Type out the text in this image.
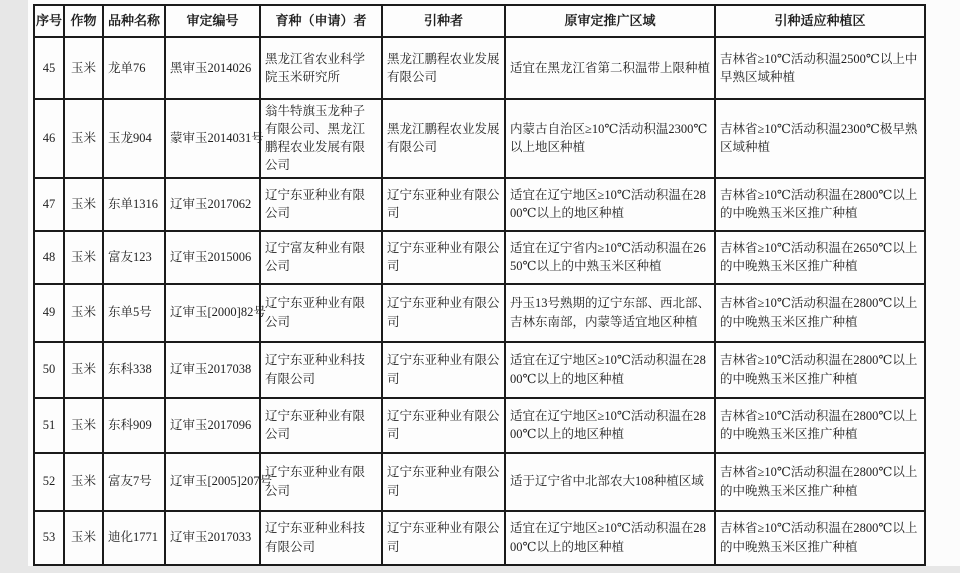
序号	作物	品种名称	审定编号	育种（申请）者	引种者	原审定推广区域	引种适应种植区
45	玉米	龙单76	黑审玉2014026	黑龙江省农业科学院玉米研究所	黑龙江鹏程农业发展有限公司	适宜在黑龙江省第二积温带上限种植	吉林省≥10℃活动积温2500℃以上中早熟区域种植
46	玉米	玉龙904	蒙审玉2014031号	翁牛特旗玉龙种子有限公司、黑龙江鹏程农业发展有限公司	黑龙江鹏程农业发展有限公司	内蒙古自治区≥10℃活动积温2300℃以上地区种植	吉林省≥10℃活动积温2300℃极早熟区域种植
47	玉米	东单1316	辽审玉2017062	辽宁东亚种业有限公司	辽宁东亚种业有限公司	适宜在辽宁地区≥10℃活动积温在2800℃以上的地区种植	吉林省≥10℃活动积温在2800℃以上的中晚熟玉米区推广种植
48	玉米	富友123	辽审玉2015006	辽宁富友种业有限公司	辽宁东亚种业有限公司	适宜在辽宁省内≥10℃活动积温在2650℃以上的中熟玉米区种植	吉林省≥10℃活动积温在2650℃以上的中晚熟玉米区推广种植
49	玉米	东单5号	辽审玉[2000]82号	辽宁东亚种业有限公司	辽宁东亚种业有限公司	丹玉13号熟期的辽宁东部、西北部、吉林东南部，内蒙等适宜地区种植	吉林省≥10℃活动积温在2800℃以上的中晚熟玉米区推广种植
50	玉米	东科338	辽审玉2017038	辽宁东亚种业科技有限公司	辽宁东亚种业有限公司	适宜在辽宁地区≥10℃活动积温在2800℃以上的地区种植	吉林省≥10℃活动积温在2800℃以上的中晚熟玉米区推广种植
51	玉米	东科909	辽审玉2017096	辽宁东亚种业有限公司	辽宁东亚种业有限公司	适宜在辽宁地区≥10℃活动积温在2800℃以上的地区种植	吉林省≥10℃活动积温在2800℃以上的中晚熟玉米区推广种植
52	玉米	富友7号	辽审玉[2005]207号	辽宁东亚种业有限公司	辽宁东亚种业有限公司	适于辽宁省中北部农大108种植区域	吉林省≥10℃活动积温在2800℃以上的中晚熟玉米区推广种植
53	玉米	迪化1771	辽审玉2017033	辽宁东亚种业科技有限公司	辽宁东亚种业有限公司	适宜在辽宁地区≥10℃活动积温在2800℃以上的地区种植	吉林省≥10℃活动积温在2800℃以上的中晚熟玉米区推广种植
